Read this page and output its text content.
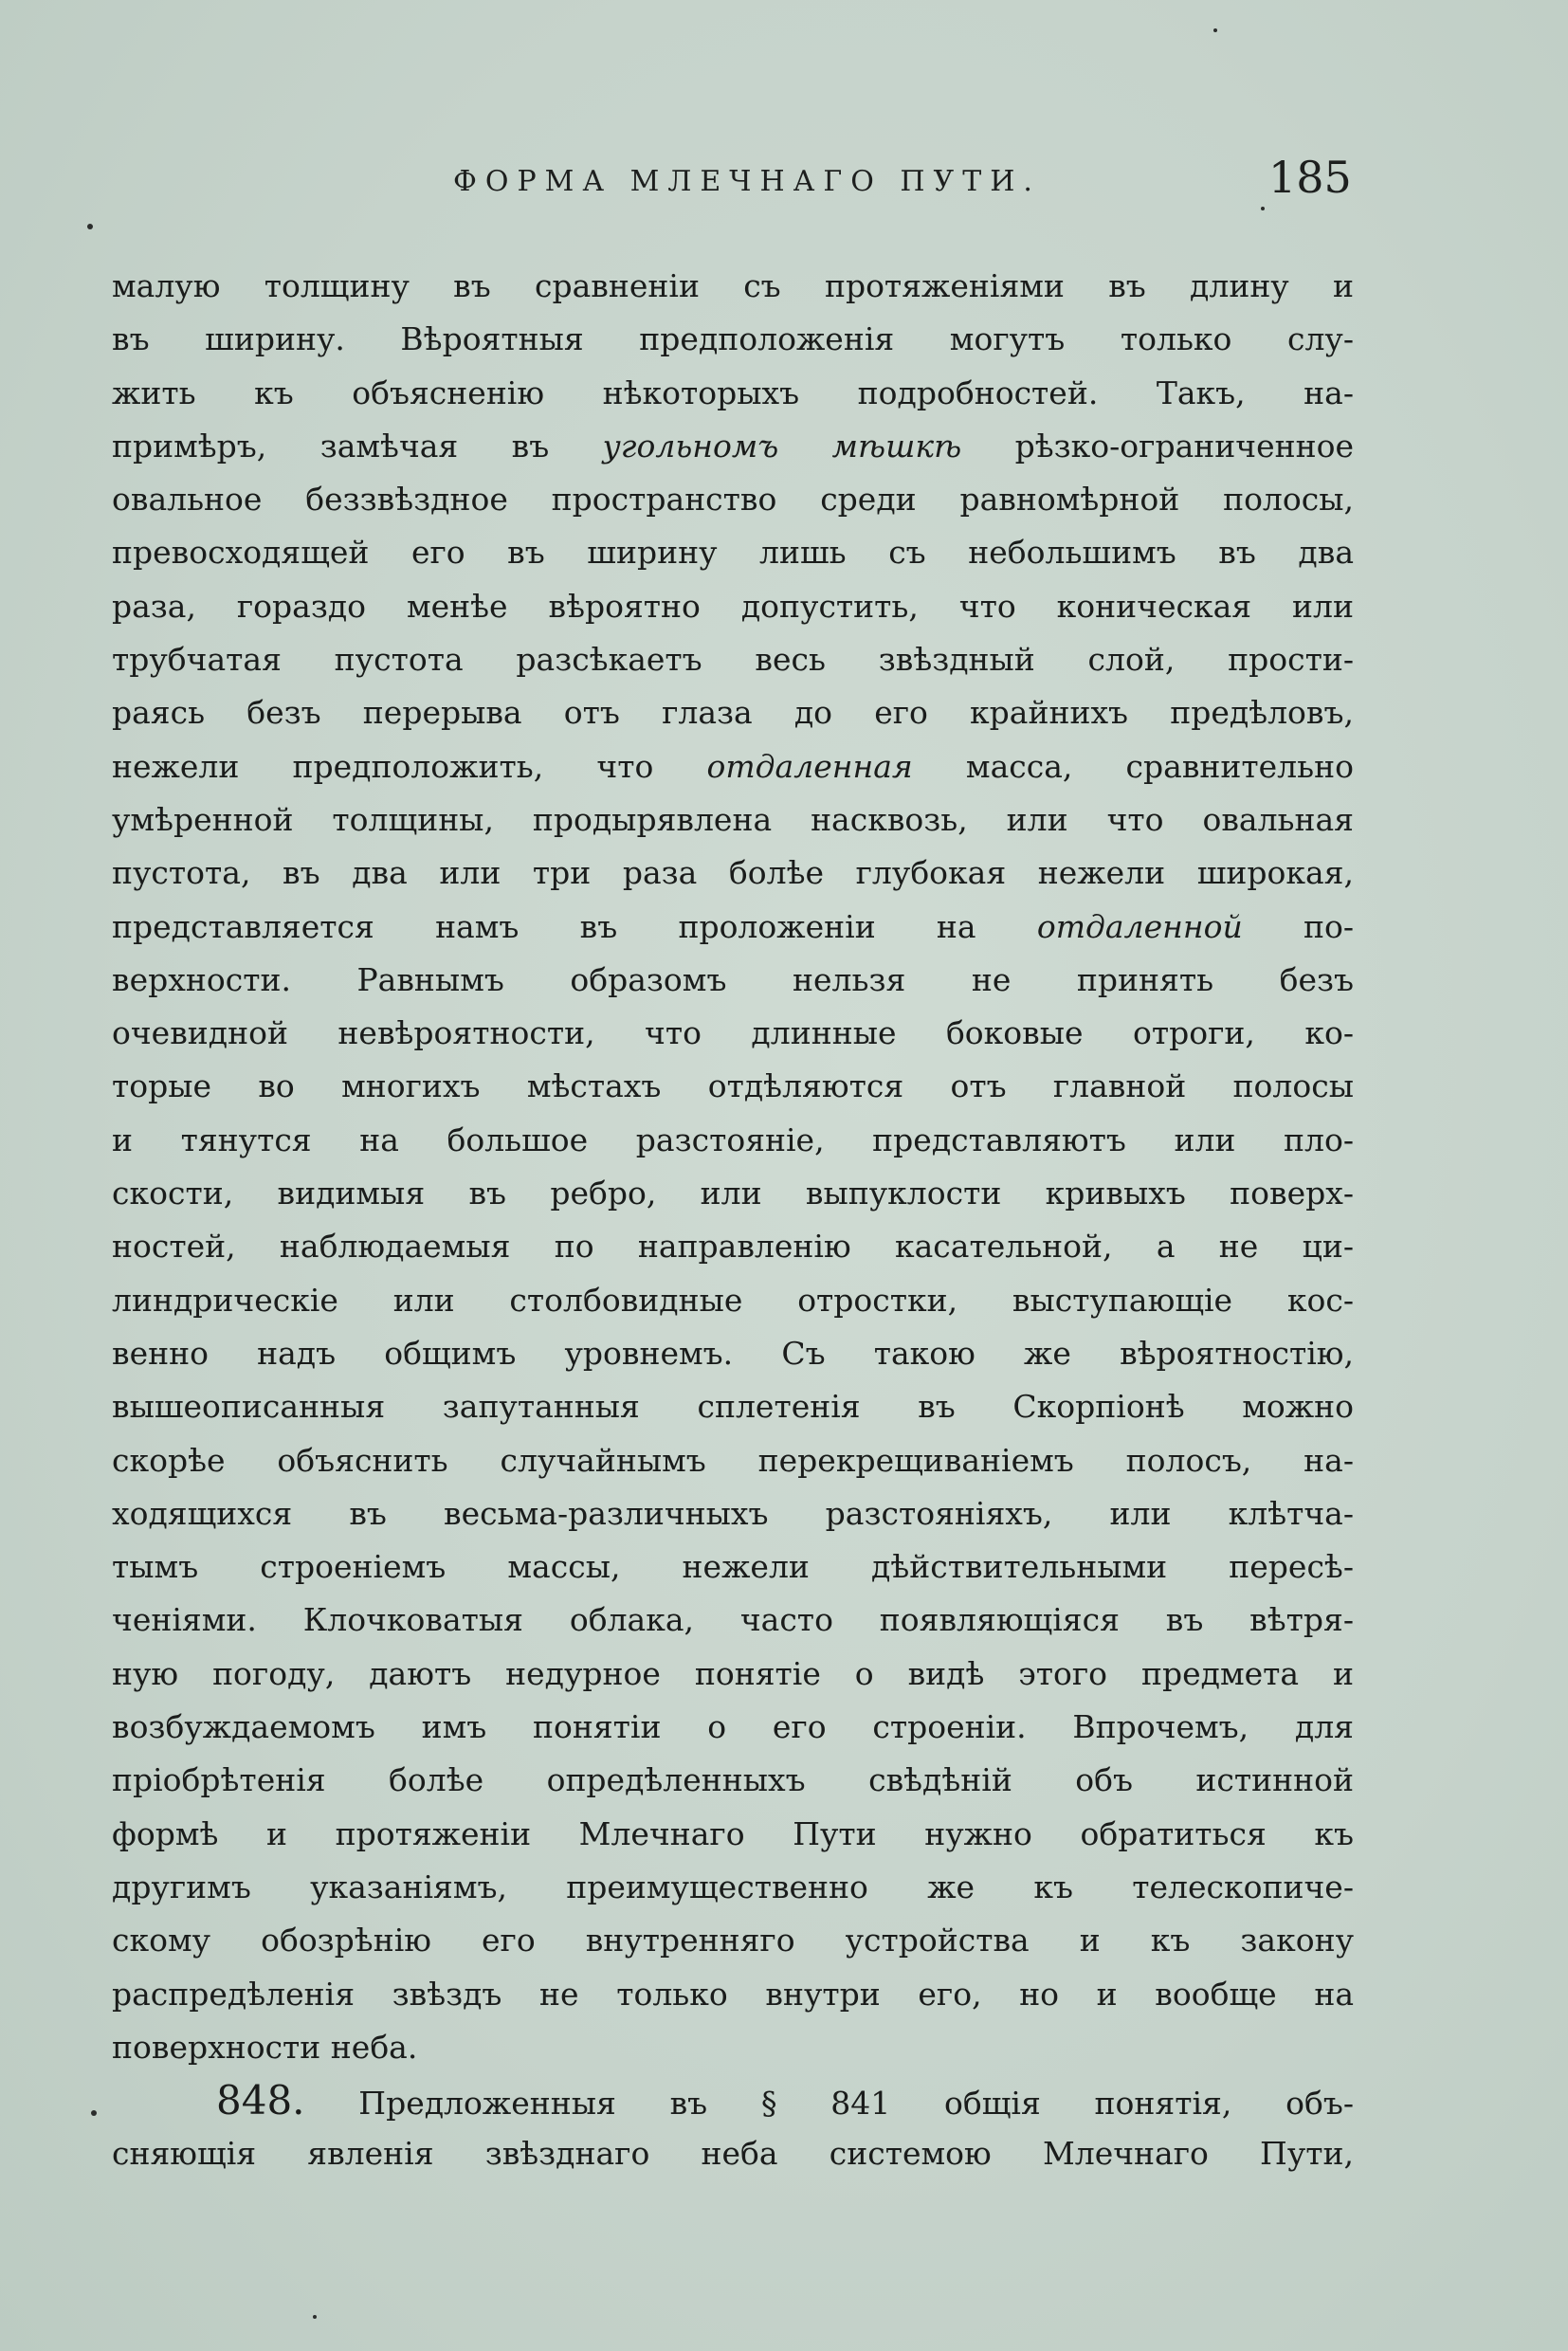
ФОРМА МЛЕЧНАГО ПУТИ.	185
малую толщину въ сравненіи съ протяженіями въ длину и
въ ширину. Вѣроятныя предположенія могутъ только слу-
жить къ объясненію нѣкоторыхъ подробностей. Такъ, на-
примѣръ, замѣчая въ угольномъ мѣшкѣ рѣзко-ограниченное
овальное беззвѣздное пространство среди равномѣрной полосы,
превосходящей его въ ширину лишь съ небольшимъ въ два
раза, гораздо менѣе вѣроятно допустить, что коническая или
трубчатая пустота разсѣкаетъ весь звѣздный слой, прости-
раясь безъ перерыва отъ глаза до его крайнихъ предѣловъ,
нежели предположить, что отдаленная масса, сравнительно
умѣренной толщины, продырявлена насквозь, или что овальная
пустота, въ два или три раза болѣе глубокая нежели широкая,
представляется намъ въ проложеніи на отдаленной по-
верхности. Равнымъ образомъ нельзя не принять безъ
очевидной невѣроятности, что длинные боковые отроги, ко-
торые во многихъ мѣстахъ отдѣляются отъ главной полосы
и тянутся на большое разстояніе, представляютъ или пло-
скости, видимыя въ ребро, или выпуклости кривыхъ поверх-
ностей, наблюдаемыя по направленію касательной, а не ци-
линдрическіе или столбовидные отростки, выступающіе кос-
венно надъ общимъ уровнемъ. Съ такою же вѣроятностію,
вышеописанныя запутанныя сплетенія въ Скорпіонѣ можно
скорѣе объяснить случайнымъ перекрещиваніемъ полосъ, на-
ходящихся въ весьма-различныхъ разстояніяхъ, или клѣтча-
тымъ строеніемъ массы, нежели дѣйствительными пересѣ-
ченіями. Клочковатыя облака, часто появляющіяся въ вѣтря-
ную погоду, даютъ недурное понятіе о видѣ этого предмета и
возбуждаемомъ имъ понятіи о его строеніи. Впрочемъ, для
пріобрѣтенія болѣе опредѣленныхъ свѣдѣній объ истинной
формѣ и протяженіи Млечнаго Пути нужно обратиться къ
другимъ указаніямъ, преимущественно же къ телескопиче-
скому обозрѣнію его внутренняго устройства и къ закону
распредѣленія звѣздъ не только внутри его, но и вообще на
поверхности неба.
848. Предложенныя въ § 841 общія понятія, объ-
сняющія явленія звѣзднаго неба системою Млечнаго Пути,
